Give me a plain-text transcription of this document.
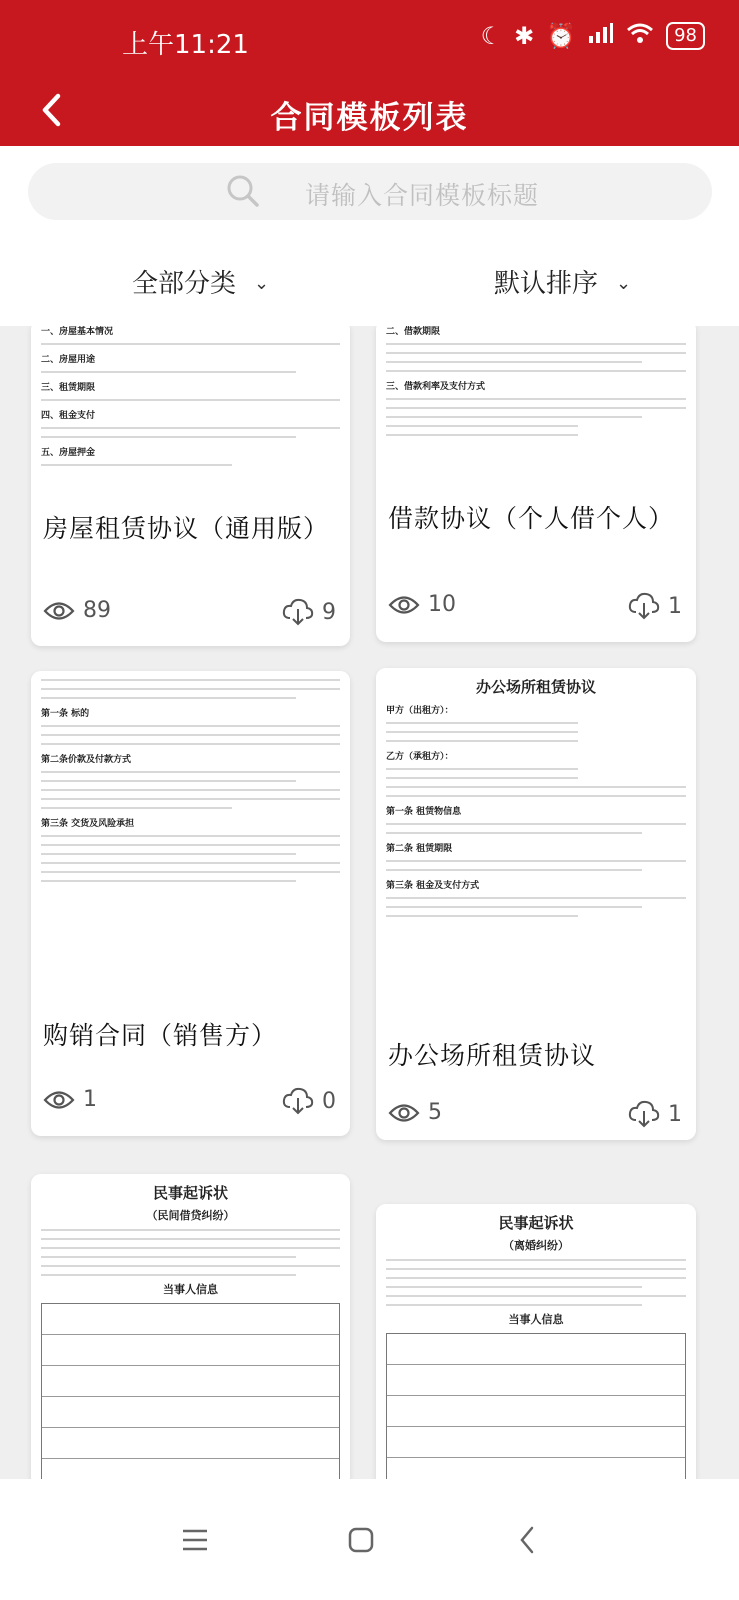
上午11:21	☾ ✱ ⏰	98
合同模板列表
请输入合同模板标题
全部分类 ⌄	默认排序 ⌄
一、房屋基本情况
二、房屋用途
三、租赁期限
四、租金支付
五、房屋押金
房屋租赁协议（通用版）
89	9
二、借款期限
三、借款利率及支付方式
借款协议（个人借个人）
10	1
第一条 标的
第二条价款及付款方式
第三条 交货及风险承担
购销合同（销售方）
1	0
办公场所租赁协议
甲方（出租方）：
乙方（承租方）：
第一条 租赁物信息
第二条 租赁期限
第三条 租金及支付方式
办公场所租赁协议
5	1
民事起诉状
（民间借贷纠纷）
当事人信息
民事起诉状
（离婚纠纷）
当事人信息
